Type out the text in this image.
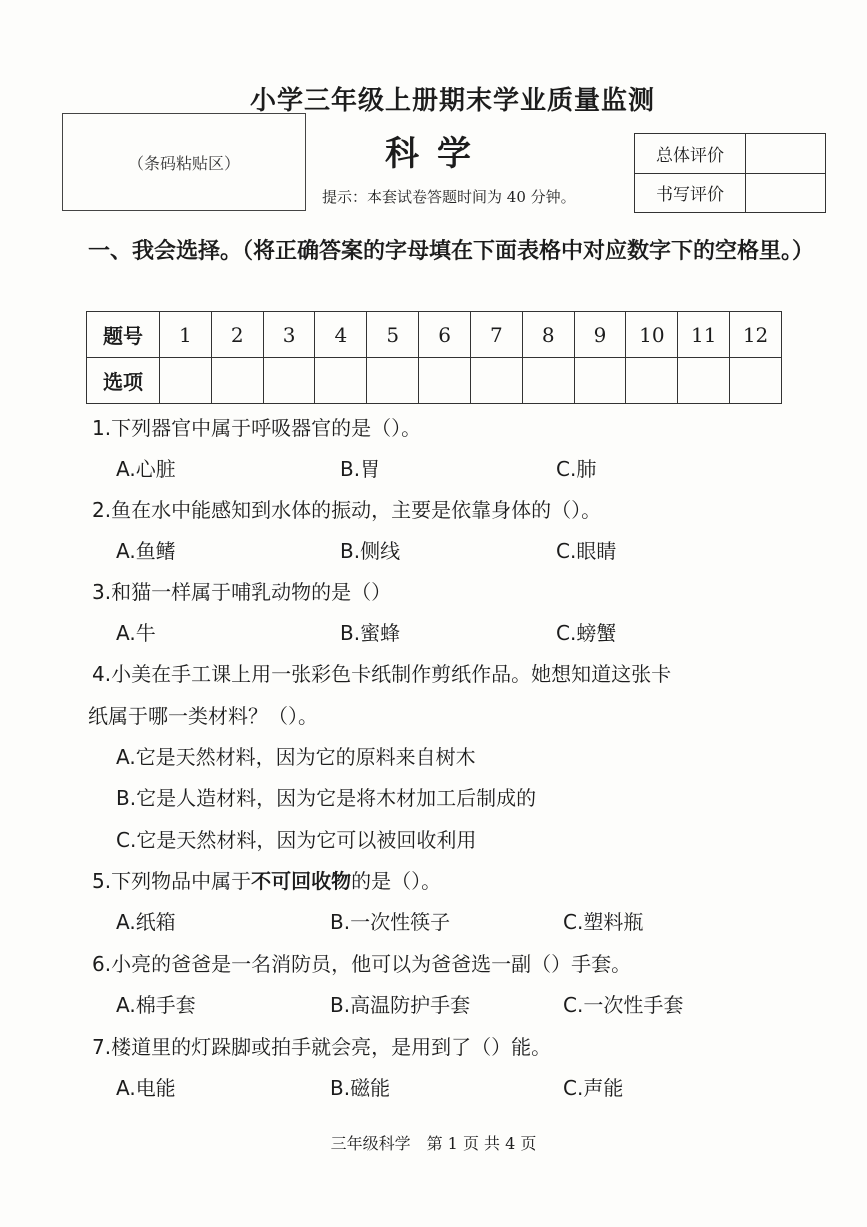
小学三年级上册期末学业质量监测
（条码粘贴区）	科学
提示：本套试卷答题时间为 40 分钟。
总体评价	
书写评价	
一、我会选择。（将正确答案的字母填在下面表格中对应数字下的空格里。）
题号	1	2	3	4	5	6	7	8	9	10	11	12
选项												
1.下列器官中属于呼吸器官的是（）。
A.心脏	B.胃	C.肺
2.鱼在水中能感知到水体的振动，主要是依靠身体的（）。
A.鱼鳍	B.侧线	C.眼睛
3.和猫一样属于哺乳动物的是（）
A.牛	B.蜜蜂	C.螃蟹
4.小美在手工课上用一张彩色卡纸制作剪纸作品。她想知道这张卡
纸属于哪一类材料？（）。
A.它是天然材料，因为它的原料来自树木
B.它是人造材料，因为它是将木材加工后制成的
C.它是天然材料，因为它可以被回收利用
5.下列物品中属于不可回收物的是（）。
A.纸箱	B.一次性筷子	C.塑料瓶
6.小亮的爸爸是一名消防员，他可以为爸爸选一副（）手套。
A.棉手套	B.高温防护手套	C.一次性手套
7.楼道里的灯跺脚或拍手就会亮，是用到了（）能。
A.电能	B.磁能	C.声能
三年级科学　第 1 页 共 4 页
